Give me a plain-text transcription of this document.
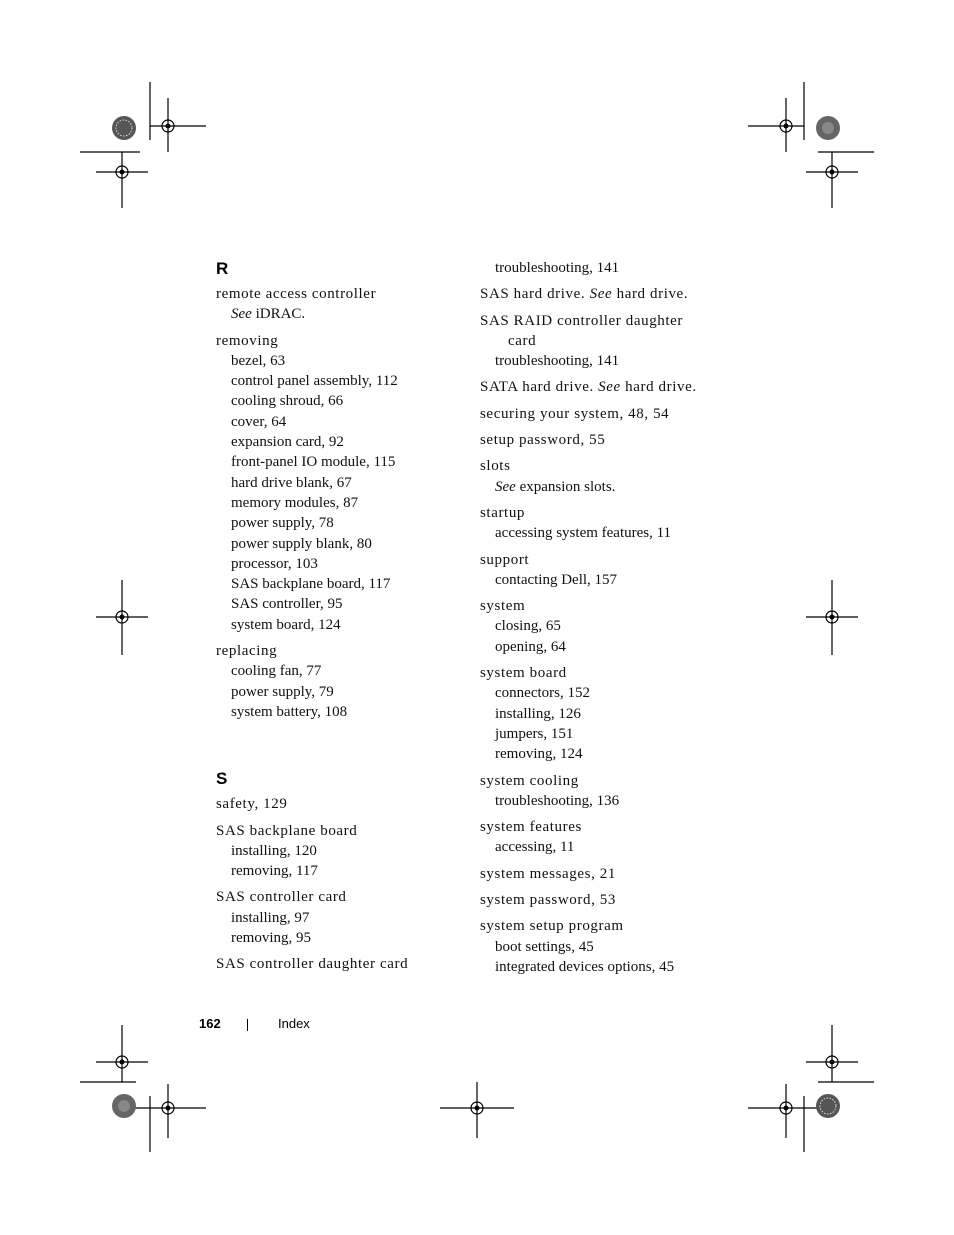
R
remote access controller
See iDRAC.
removing
bezel, 63
control panel assembly, 112
cooling shroud, 66
cover, 64
expansion card, 92
front-panel IO module, 115
hard drive blank, 67
memory modules, 87
power supply, 78
power supply blank, 80
processor, 103
SAS backplane board, 117
SAS controller, 95
system board, 124
replacing
cooling fan, 77
power supply, 79
system battery, 108
S
safety, 129
SAS backplane board
installing, 120
removing, 117
SAS controller card
installing, 97
removing, 95
SAS controller daughter card
troubleshooting, 141
SAS hard drive. See hard drive.
SAS RAID controller daughter
card
troubleshooting, 141
SATA hard drive. See hard drive.
securing your system, 48, 54
setup password, 55
slots
See expansion slots.
startup
accessing system features, 11
support
contacting Dell, 157
system
closing, 65
opening, 64
system board
connectors, 152
installing, 126
jumpers, 151
removing, 124
system cooling
troubleshooting, 136
system features
accessing, 11
system messages, 21
system password, 53
system setup program
boot settings, 45
integrated devices options, 45
162	Index
